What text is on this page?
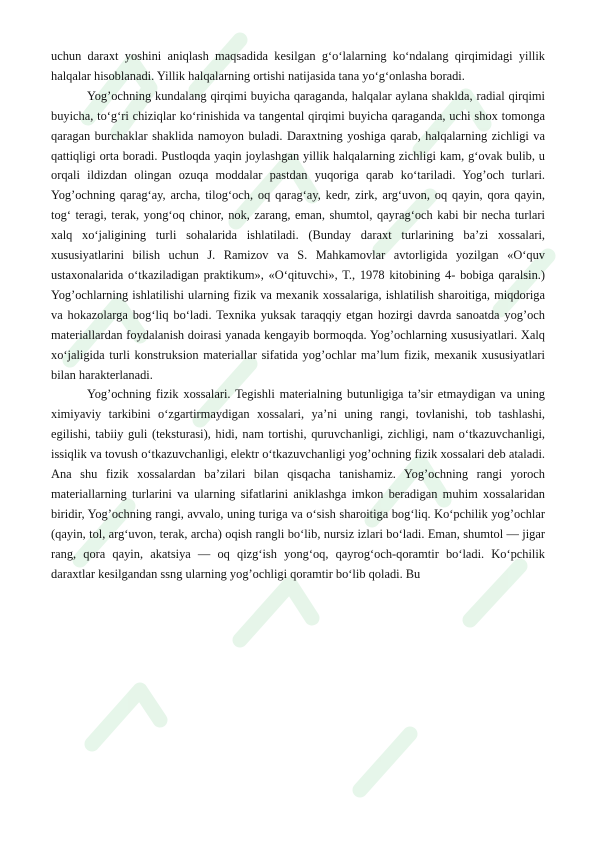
uchun daraxt yoshini aniqlash maqsadida kesilgan g‘o‘lalarning ko‘ndalang qirqimidagi yillik halqalar hisoblanadi. Yillik halqalarning ortishi natijasida tana yo‘g‘onlasha boradi.

Yog’ochning kundalang qirqimi buyicha qaraganda, halqalar aylana shaklda, radial qirqimi buyicha, to‘g‘ri chiziqlar ko‘rinishida va tangental qirqimi buyicha qaraganda, uchi shox tomonga qaragan burchaklar shaklida namoyon buladi. Daraxtning yoshiga qarab, halqalarning zichligi va qattiqligi orta boradi. Pustloqda yaqin joylashgan yillik halqalarning zichligi kam, g‘ovak bulib, u orqali ildizdan olingan ozuqa moddalar pastdan yuqoriga qarab ko‘tariladi. Yog’och turlari. Yog’ochning qarag‘ay, archa, tilog‘och, oq qarag‘ay, kedr, zirk, arg‘uvon, oq qayin, qora qayin, tog‘ teragi, terak, yong‘oq chinor, nok, zarang, eman, shumtol, qayrag‘och kabi bir necha turlari xalq xo‘jaligining turli sohalarida ishlatiladi. (Bunday daraxt turlarining ba’zi xossalari, xususiyatlarini bilish uchun J. Ramizov va S. Mahkamovlar avtorligida yozilgan «O‘quv ustaxonalarida o‘tkaziladigan praktikum», «O‘qituvchi», T., 1978 kitobining 4- bobiga qaralsin.) Yog’ochlarning ishlatilishi ularning fizik va mexanik xossalariga, ishlatilish sharoitiga, miqdoriga va hokazolarga bog‘liq bo‘ladi. Texnika yuksak taraqqiy etgan hozirgi davrda sanoatda yog’och materiallardan foydalanish doirasi yanada kengayib bormoqda. Yog’ochlarning xususiyatlari. Xalq xo‘jaligida turli konstruksion materiallar sifatida yog’ochlar ma’lum fizik, mexanik xususiyatlari bilan harakterlanadi.

Yog’ochning fizik xossalari. Tegishli materialning butunligiga ta’sir etmaydigan va uning ximiyaviy tarkibini o‘zgartirmaydigan xossalari, ya’ni uning rangi, tovlanishi, tob tashlashi, egilishi, tabiiy guli (teksturasi), hidi, nam tortishi, quruvchanligi, zichligi, nam o‘tkazuvchanligi, issiqlik va tovush o‘tkazuvchanligi, elektr o‘tkazuvchanligi yog’ochning fizik xossalari deb ataladi. Ana shu fizik xossalardan ba’zilari bilan qisqacha tanishamiz. Yog’ochning rangi yoroch materiallarning turlarini va ularning sifatlarini aniklashga imkon beradigan muhim xossalaridan biridir, Yog’ochning rangi, avvalo, uning turiga va o‘sish sharoitiga bog‘liq. Ko‘pchilik yog’ochlar (qayin, tol, arg‘uvon, terak, archa) oqish rangli bo‘lib, nursiz izlari bo‘ladi. Eman, shumtol — jigar rang, qora qayin, akatsiya — oq qizg‘ish yong‘oq, qayrog‘och-qoramtir bo‘ladi. Ko‘pchilik daraxtlar kesilgandan ssng ularning yog’ochligi qoramtir bo‘lib qoladi. Bu
